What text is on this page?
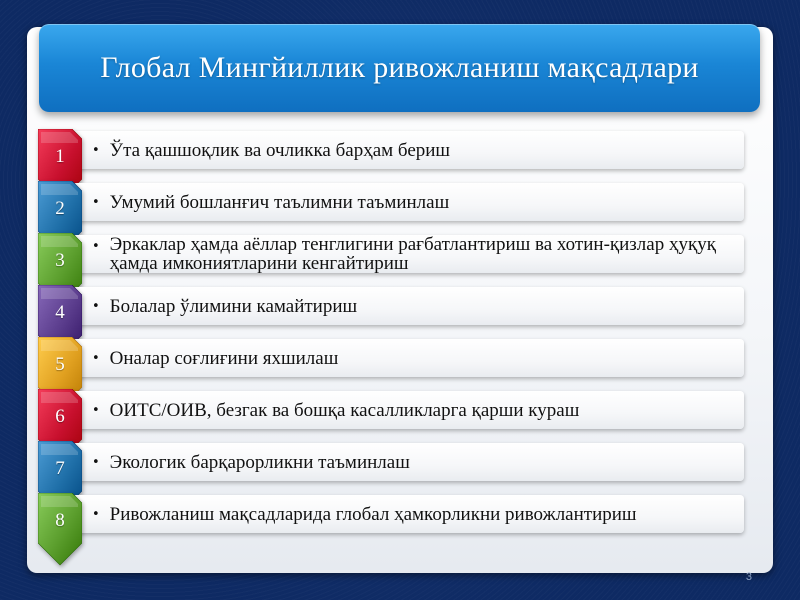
Глобал Мингйиллик ривожланиш мақсадлари
• Ўта қашшоқлик ва очликка барҳам бериш
1
• Умумий бошланғич таълимни таъминлаш
2
• Эркаклар ҳамда аёллар тенглигини рағбатлантириш ва хотин-қизлар ҳуқуқ ҳамда имкониятларини кенгайтириш
3
• Болалар ўлимини камайтириш
4
• Оналар соғлиғини яхшилаш
5
• ОИТС/ОИВ, безгак ва бошқа касалликларга қарши кураш
6
• Экологик барқарорликни таъминлаш
7
• Ривожланиш мақсадларида глобал ҳамкорликни ривожлантириш
8
3
